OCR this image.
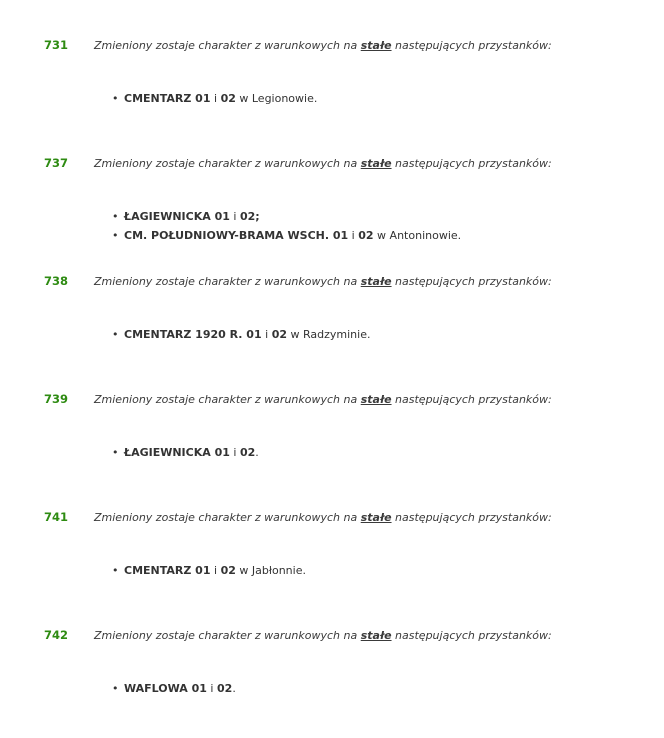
731 Zmieniony zostaje charakter z warunkowych na stałe następujących przystanków:
• CMENTARZ 01 i 02 w Legionowie.
737 Zmieniony zostaje charakter z warunkowych na stałe następujących przystanków:
• ŁAGIEWNICKA 01 i 02;
• CM. POŁUDNIOWY-BRAMA WSCH. 01 i 02 w Antoninowie.
738 Zmieniony zostaje charakter z warunkowych na stałe następujących przystanków:
• CMENTARZ 1920 R. 01 i 02 w Radzyminie.
739 Zmieniony zostaje charakter z warunkowych na stałe następujących przystanków:
• ŁAGIEWNICKA 01 i 02.
741 Zmieniony zostaje charakter z warunkowych na stałe następujących przystanków:
• CMENTARZ 01 i 02 w Jabłonnie.
742 Zmieniony zostaje charakter z warunkowych na stałe następujących przystanków:
• WAFLOWA 01 i 02.
